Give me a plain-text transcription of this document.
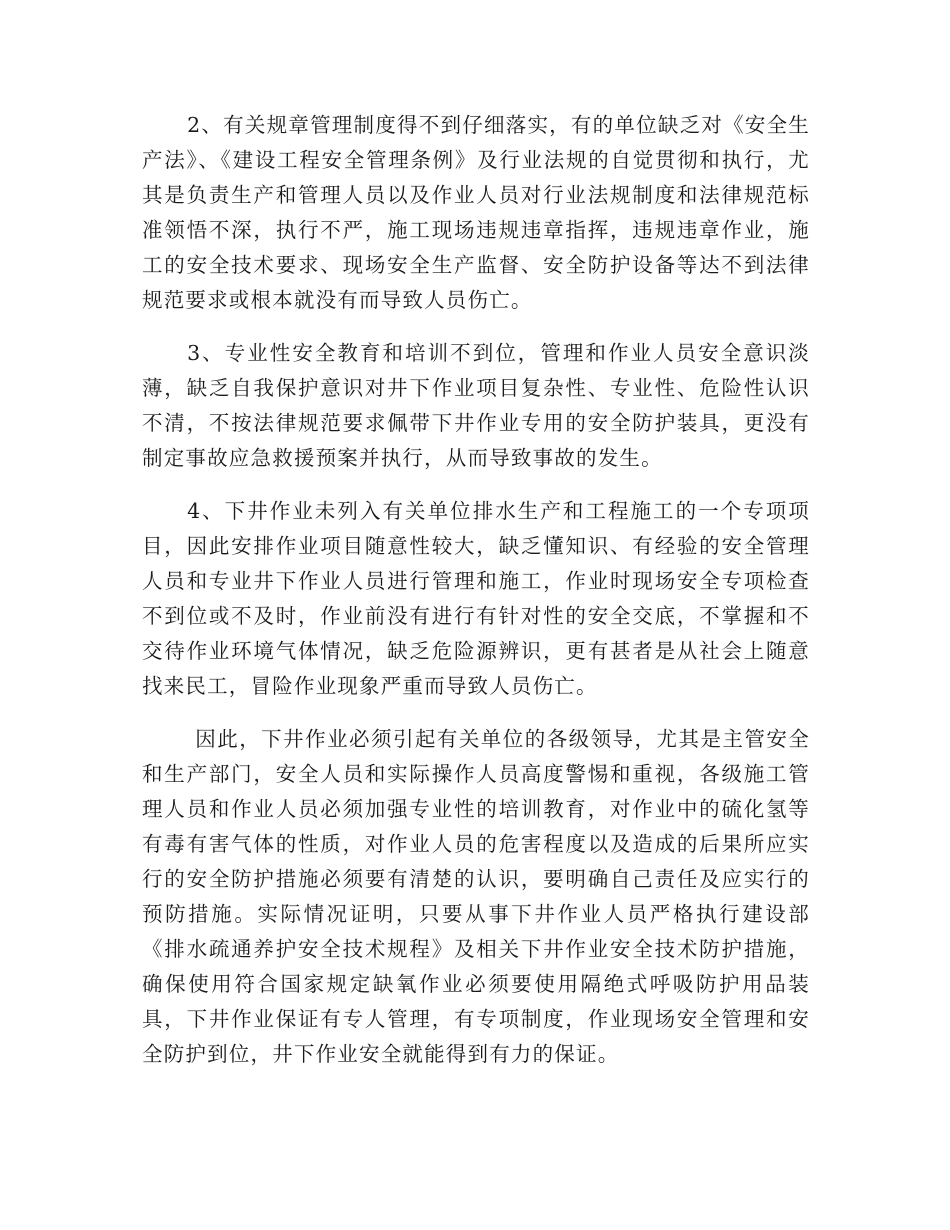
2、有关规章管理制度得不到仔细落实，有的单位缺乏对《安全生产法》、《建设工程安全管理条例》及行业法规的自觉贯彻和执行，尤其是负责生产和管理人员以及作业人员对行业法规制度和法律规范标准领悟不深，执行不严，施工现场违规违章指挥，违规违章作业，施工的安全技术要求、现场安全生产监督、安全防护设备等达不到法律规范要求或根本就没有而导致人员伤亡。

3、专业性安全教育和培训不到位，管理和作业人员安全意识淡薄，缺乏自我保护意识对井下作业项目复杂性、专业性、危险性认识不清，不按法律规范要求佩带下井作业专用的安全防护装具，更没有制定事故应急救援预案并执行，从而导致事故的发生。

4、下井作业未列入有关单位排水生产和工程施工的一个专项项目，因此安排作业项目随意性较大，缺乏懂知识、有经验的安全管理人员和专业井下作业人员进行管理和施工，作业时现场安全专项检查不到位或不及时，作业前没有进行有针对性的安全交底，不掌握和不交待作业环境气体情况，缺乏危险源辨识，更有甚者是从社会上随意找来民工，冒险作业现象严重而导致人员伤亡。

因此，下井作业必须引起有关单位的各级领导，尤其是主管安全和生产部门，安全人员和实际操作人员高度警惕和重视，各级施工管理人员和作业人员必须加强专业性的培训教育，对作业中的硫化氢等有毒有害气体的性质，对作业人员的危害程度以及造成的后果所应实行的安全防护措施必须要有清楚的认识，要明确自己责任及应实行的预防措施。实际情况证明，只要从事下井作业人员严格执行建设部《排水疏通养护安全技术规程》及相关下井作业安全技术防护措施，确保使用符合国家规定缺氧作业必须要使用隔绝式呼吸防护用品装具，下井作业保证有专人管理，有专项制度，作业现场安全管理和安全防护到位，井下作业安全就能得到有力的保证。
